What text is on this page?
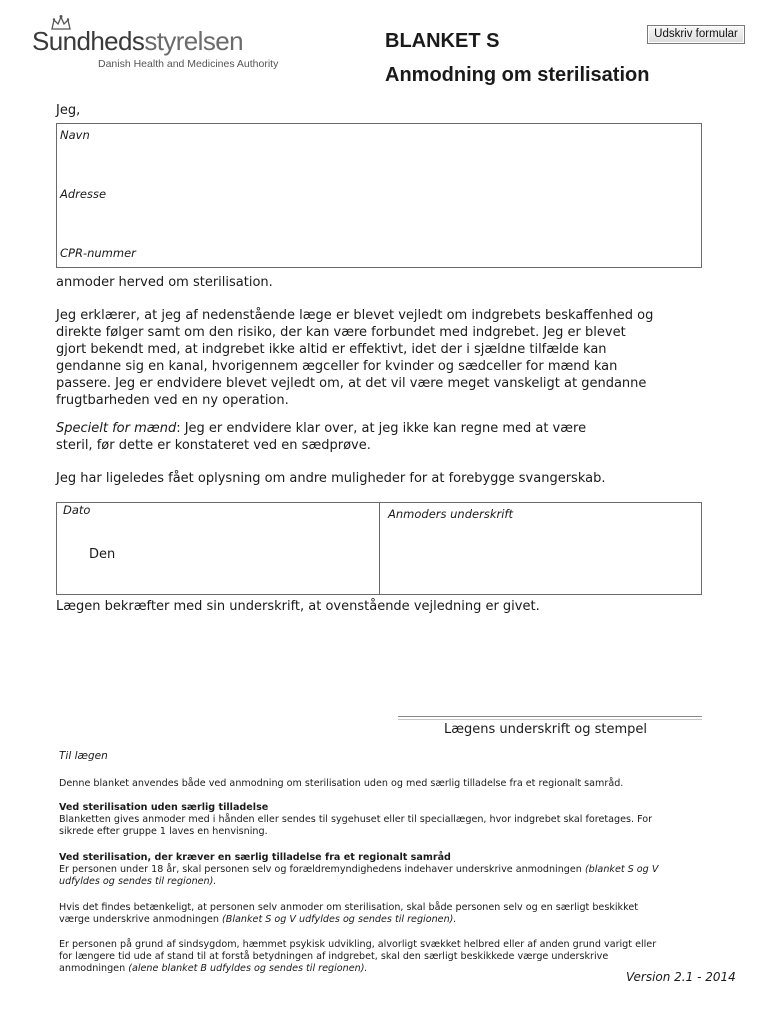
Sundhedsstyrelsen
Danish Health and Medicines Authority
Udskriv formular
BLANKET S
Anmodning om sterilisation
Jeg,
Navn
Adresse
CPR-nummer
anmoder herved om sterilisation.
Jeg erklærer, at jeg af nedenstående læge er blevet vejledt om indgrebets beskaffenhed og
direkte følger samt om den risiko, der kan være forbundet med indgrebet. Jeg er blevet
gjort bekendt med, at indgrebet ikke altid er effektivt, idet der i sjældne tilfælde kan
gendanne sig en kanal, hvorigennem ægceller for kvinder og sædceller for mænd kan
passere. Jeg er endvidere blevet vejledt om, at det vil være meget vanskeligt at gendanne
frugtbarheden ved en ny operation.
Specielt for mænd: Jeg er endvidere klar over, at jeg ikke kan regne med at være
steril, før dette er konstateret ved en sædprøve.
Jeg har ligeledes fået oplysning om andre muligheder for at forebygge svangerskab.
Dato
Den
Anmoders underskrift
Lægen bekræfter med sin underskrift, at ovenstående vejledning er givet.
Lægens underskrift og stempel
Til lægen
Denne blanket anvendes både ved anmodning om sterilisation uden og med særlig tilladelse fra et regionalt samråd.
Ved sterilisation uden særlig tilladelse
Blanketten gives anmoder med i hånden eller sendes til sygehuset eller til speciallægen, hvor indgrebet skal foretages. For
sikrede efter gruppe 1 laves en henvisning.
Ved sterilisation, der kræver en særlig tilladelse fra et regionalt samråd
Er personen under 18 år, skal personen selv og forældremyndighedens indehaver underskrive anmodningen (blanket S og V
udfyldes og sendes til regionen).
Hvis det findes betænkeligt, at personen selv anmoder om sterilisation, skal både personen selv og en særligt beskikket
værge underskrive anmodningen (Blanket S og V udfyldes og sendes til regionen).
Er personen på grund af sindsygdom, hæmmet psykisk udvikling, alvorligt svækket helbred eller af anden grund varigt eller
for længere tid ude af stand til at forstå betydningen af indgrebet, skal den særligt beskikkede værge underskrive
anmodningen (alene blanket B udfyldes og sendes til regionen).
Version 2.1 - 2014
